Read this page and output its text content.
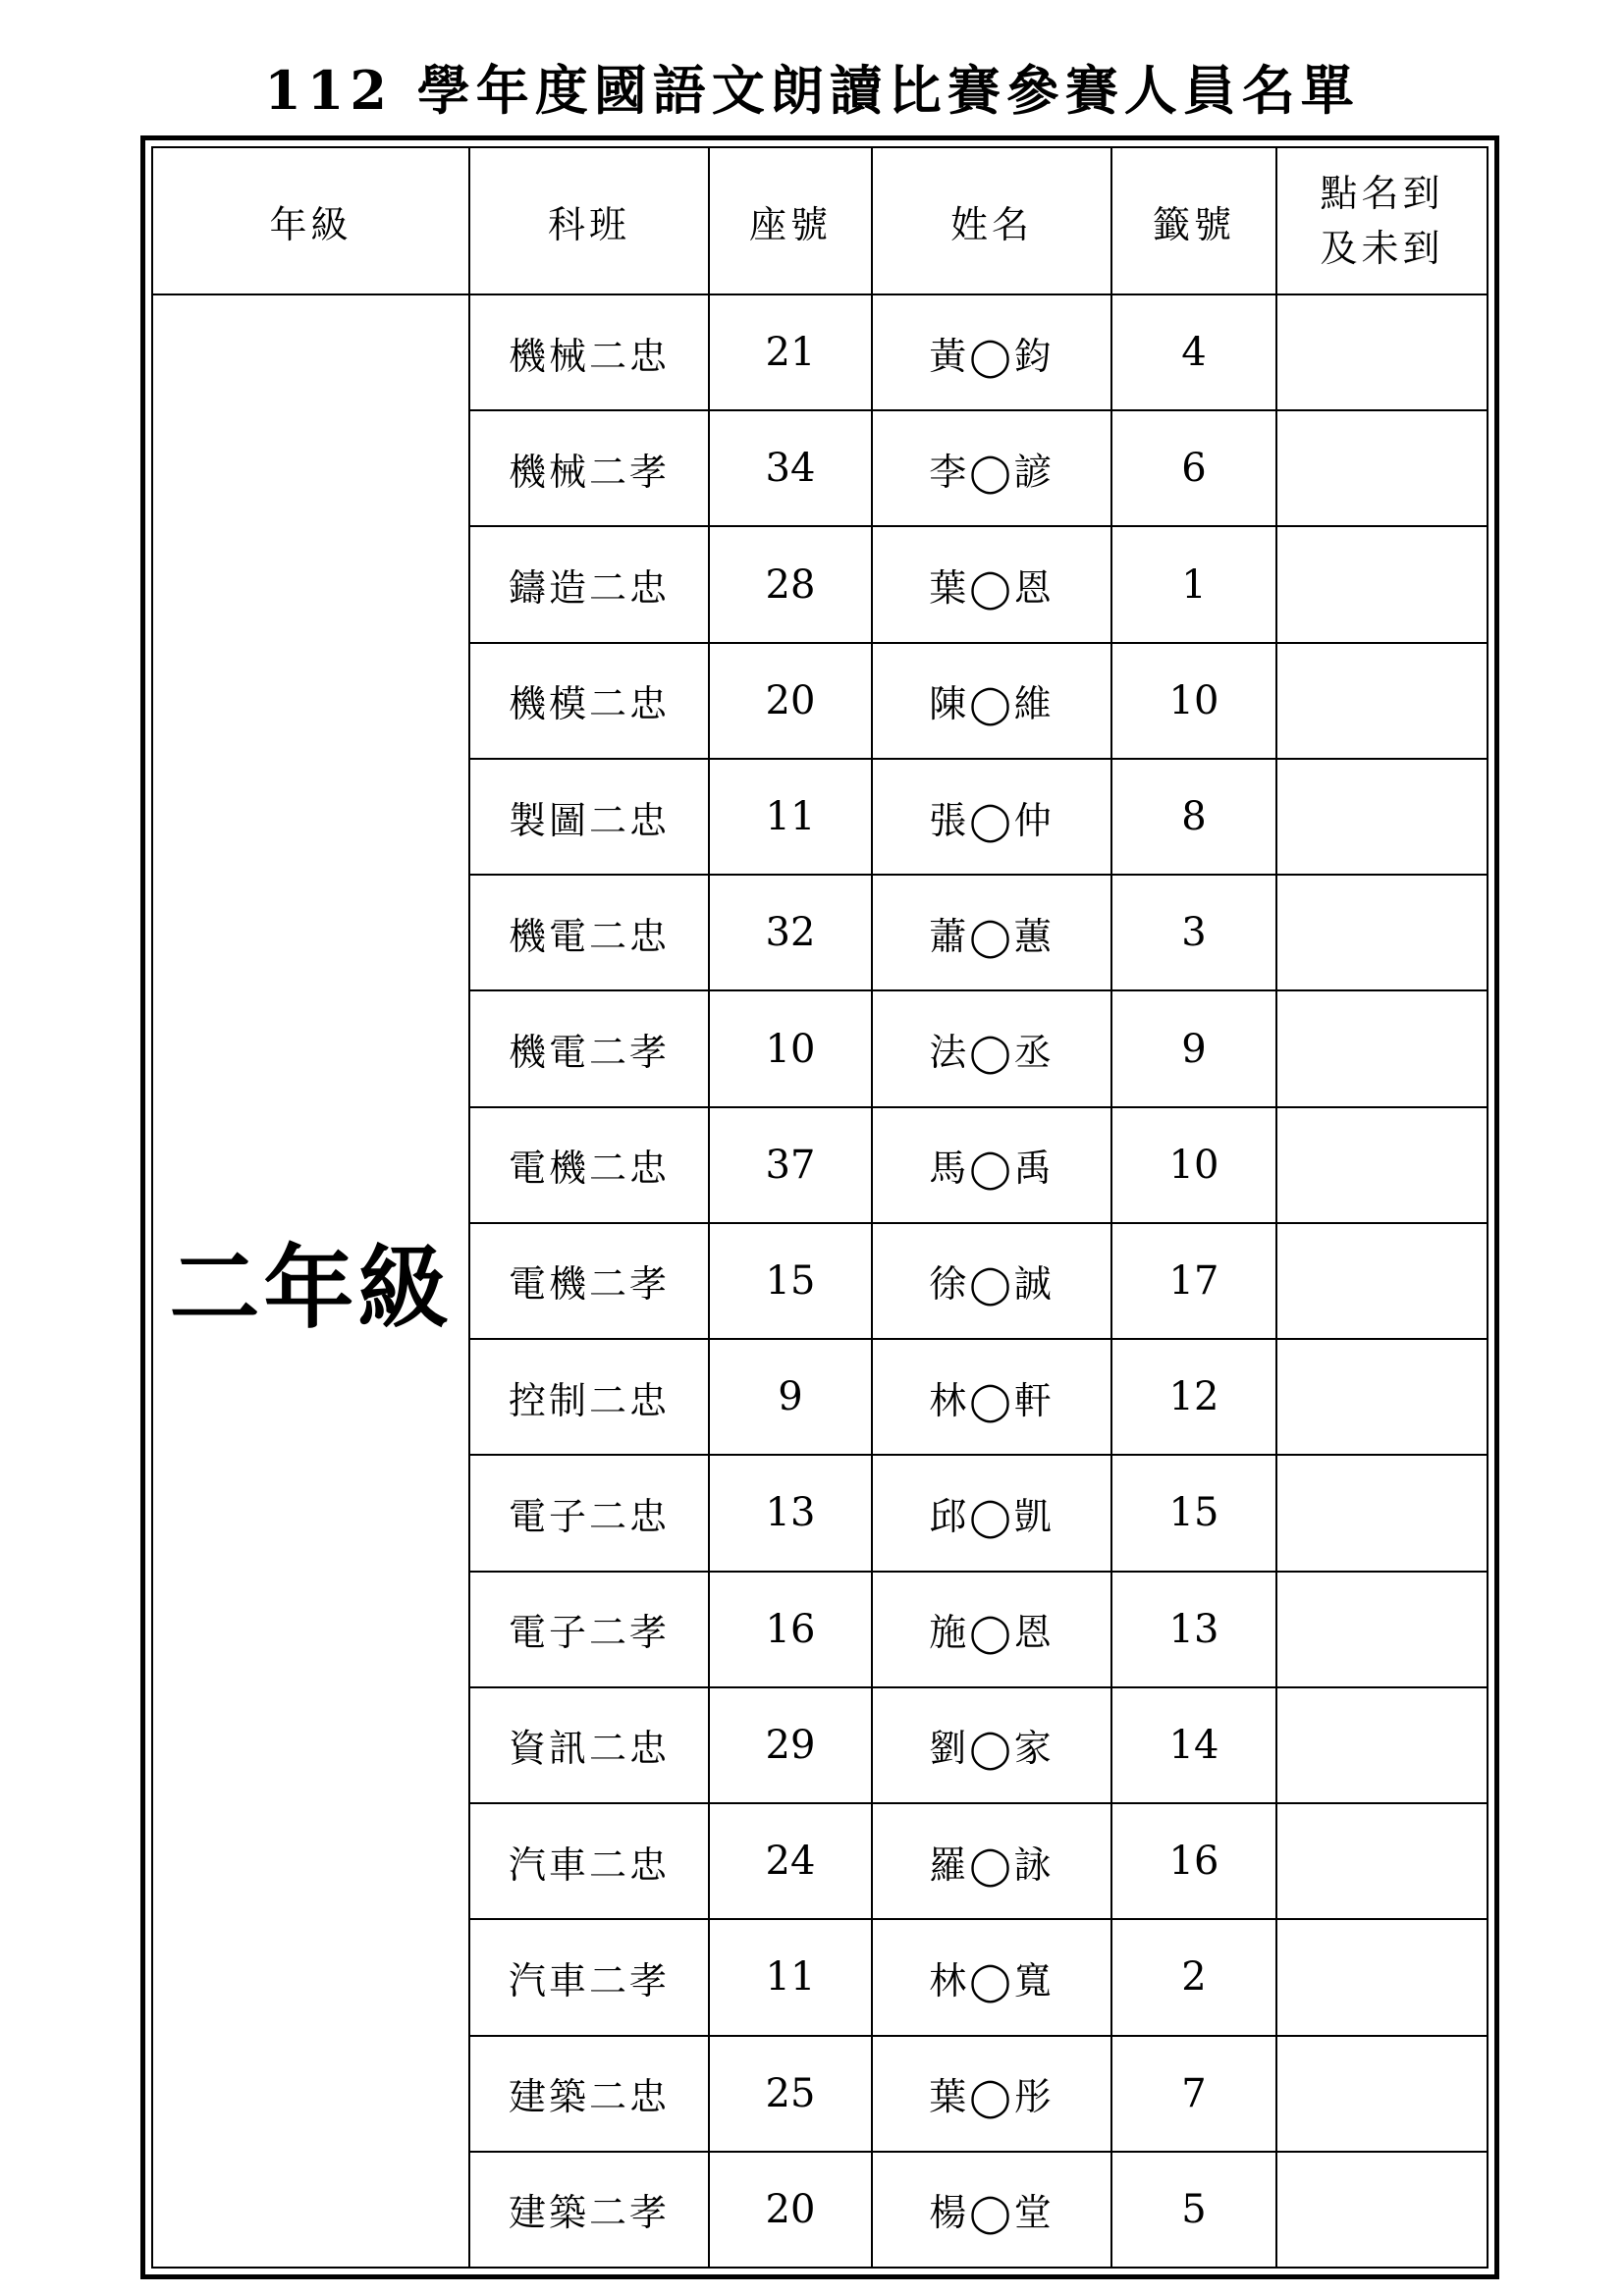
112 學年度國語文朗讀比賽參賽人員名單
年級	科班	座號	姓名	籤號	點名到
及未到

二年級	機械二忠	21	黃◯鈞	4	
	機械二孝	34	李◯諺	6	
	鑄造二忠	28	葉◯恩	1	
	機模二忠	20	陳◯維	10	
	製圖二忠	11	張◯仲	8	
	機電二忠	32	蕭◯蕙	3	
	機電二孝	10	法◯丞	9	
	電機二忠	37	馬◯禹	10	
	電機二孝	15	徐◯誠	17	
	控制二忠	9	林◯軒	12	
	電子二忠	13	邱◯凱	15	
	電子二孝	16	施◯恩	13	
	資訊二忠	29	劉◯家	14	
	汽車二忠	24	羅◯詠	16	
	汽車二孝	11	林◯寬	2	
	建築二忠	25	葉◯彤	7	
	建築二孝	20	楊◯堂	5	
